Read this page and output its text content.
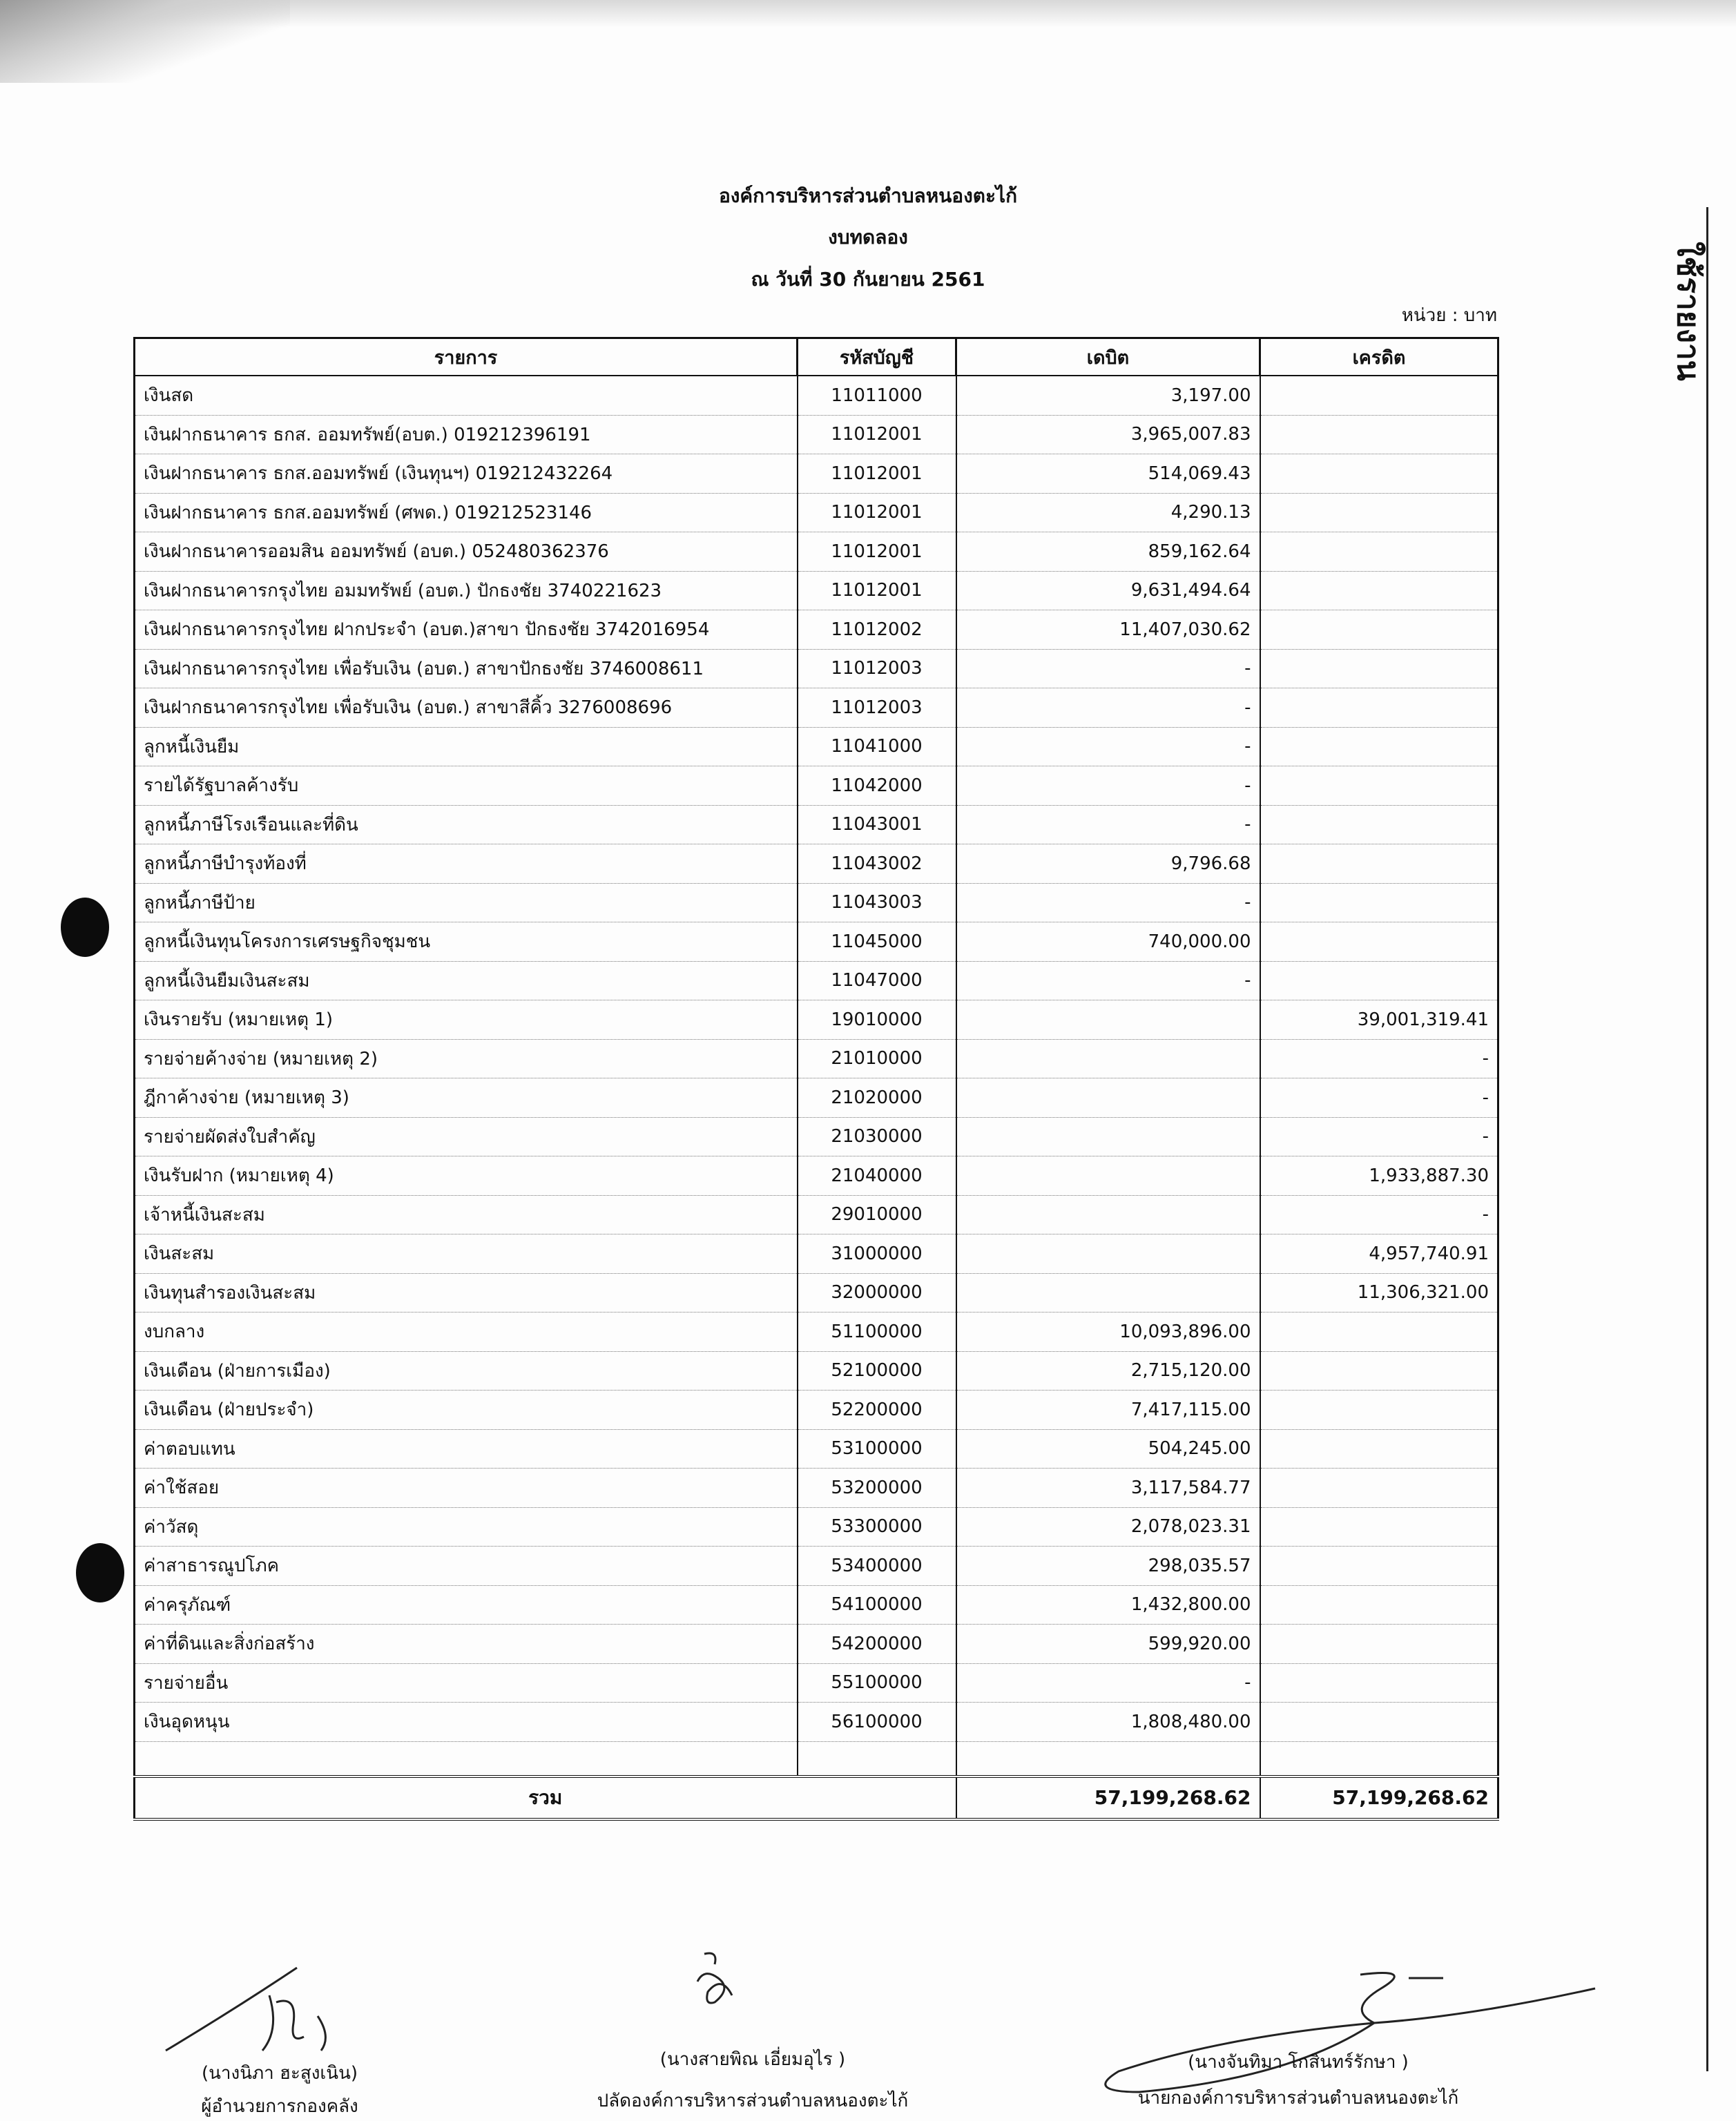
ใช้รายงาน
องค์การบริหารส่วนตำบลหนองตะไก้
งบทดลอง
ณ วันที่ 30 กันยายน 2561
หน่วย : บาท
รายการ	รหัสบัญชี	เดบิต	เครดิต
เงินสด	11011000	3,197.00	
เงินฝากธนาคาร ธกส. ออมทรัพย์(อบต.) 019212396191	11012001	3,965,007.83	
เงินฝากธนาคาร ธกส.ออมทรัพย์ (เงินทุนฯ) 019212432264	11012001	514,069.43	
เงินฝากธนาคาร ธกส.ออมทรัพย์ (ศพด.) 019212523146	11012001	4,290.13	
เงินฝากธนาคารออมสิน ออมทรัพย์ (อบต.) 052480362376	11012001	859,162.64	
เงินฝากธนาคารกรุงไทย อมมทรัพย์ (อบต.) ปักธงชัย 3740221623	11012001	9,631,494.64	
เงินฝากธนาคารกรุงไทย ฝากประจำ (อบต.)สาขา ปักธงชัย 3742016954	11012002	11,407,030.62	
เงินฝากธนาคารกรุงไทย เพื่อรับเงิน (อบต.) สาขาปักธงชัย 3746008611	11012003	-	
เงินฝากธนาคารกรุงไทย เพื่อรับเงิน (อบต.) สาขาสีคิ้ว 3276008696	11012003	-	
ลูกหนี้เงินยืม	11041000	-	
รายได้รัฐบาลค้างรับ	11042000	-	
ลูกหนี้ภาษีโรงเรือนและที่ดิน	11043001	-	
ลูกหนี้ภาษีบำรุงท้องที่	11043002	9,796.68	
ลูกหนี้ภาษีป้าย	11043003	-	
ลูกหนี้เงินทุนโครงการเศรษฐกิจชุมชน	11045000	740,000.00	
ลูกหนี้เงินยืมเงินสะสม	11047000	-	
เงินรายรับ (หมายเหตุ 1)	19010000		39,001,319.41
รายจ่ายค้างจ่าย (หมายเหตุ 2)	21010000		-
ฎีกาค้างจ่าย (หมายเหตุ 3)	21020000		-
รายจ่ายผัดส่งใบสำคัญ	21030000		-
เงินรับฝาก (หมายเหตุ 4)	21040000		1,933,887.30
เจ้าหนี้เงินสะสม	29010000		-
เงินสะสม	31000000		4,957,740.91
เงินทุนสำรองเงินสะสม	32000000		11,306,321.00
งบกลาง	51100000	10,093,896.00	
เงินเดือน (ฝ่ายการเมือง)	52100000	2,715,120.00	
เงินเดือน (ฝ่ายประจำ)	52200000	7,417,115.00	
ค่าตอบแทน	53100000	504,245.00	
ค่าใช้สอย	53200000	3,117,584.77	
ค่าวัสดุ	53300000	2,078,023.31	
ค่าสาธารณูปโภค	53400000	298,035.57	
ค่าครุภัณฑ์	54100000	1,432,800.00	
ค่าที่ดินและสิ่งก่อสร้าง	54200000	599,920.00	
รายจ่ายอื่น	55100000	-	
เงินอุดหนุน	56100000	1,808,480.00	

รวม		57,199,268.62	57,199,268.62
(นางนิภา ฮะสูงเนิน)
ผู้อำนวยการกองคลัง
(นางสายพิณ เอี่ยมอุไร )
ปลัดองค์การบริหารส่วนตำบลหนองตะไก้
(นางจันทิมา โกสินทร์รักษา )
นายกองค์การบริหารส่วนตำบลหนองตะไก้
